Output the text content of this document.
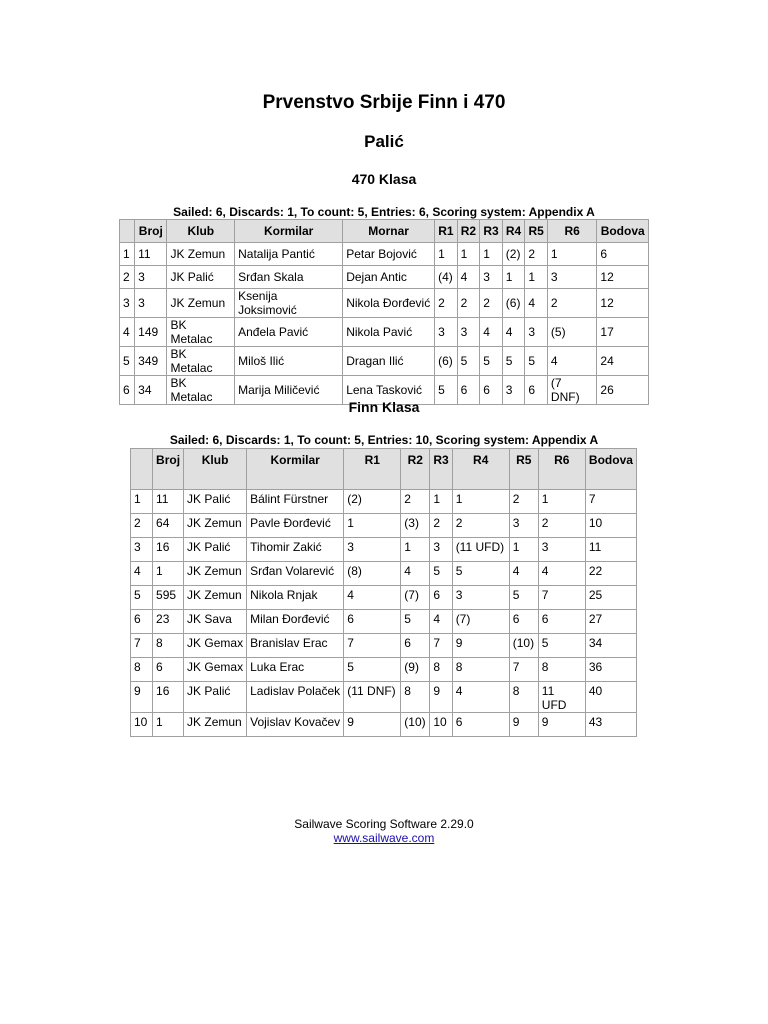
Prvenstvo Srbije Finn i 470
Palić
470 Klasa
Sailed: 6, Discards: 1, To count: 5, Entries: 6, Scoring system: Appendix A
	Broj	Klub	Kormilar	Mornar	R1	R2	R3	R4	R5	R6	Bodova
1	11	JK Zemun	Natalija Pantić	Petar Bojović	1	1	1	(2)	2	1	6
2	3	JK Palić	Srđan Skala	Dejan Antic	(4)	4	3	1	1	3	12
3	3	JK Zemun	Ksenija Joksimović	Nikola Đorđević	2	2	2	(6)	4	2	12
4	149	BK Metalac	Anđela Pavić	Nikola Pavić	3	3	4	4	3	(5)	17
5	349	BK Metalac	Miloš Ilić	Dragan Ilić	(6)	5	5	5	5	4	24
6	34	BK Metalac	Marija Miličević	Lena Tasković	5	6	6	3	6	(7 DNF)	26
Finn Klasa
Sailed: 6, Discards: 1, To count: 5, Entries: 10, Scoring system: Appendix A
	Broj	Klub	Kormilar	R1	R2	R3	R4	R5	R6	Bodova
1	11	JK Palić	Bálint Fürstner	(2)	2	1	1	2	1	7
2	64	JK Zemun	Pavle Đorđević	1	(3)	2	2	3	2	10
3	16	JK Palić	Tihomir Zakić	3	1	3	(11 UFD)	1	3	11
4	1	JK Zemun	Srđan Volarević	(8)	4	5	5	4	4	22
5	595	JK Zemun	Nikola Rnjak	4	(7)	6	3	5	7	25
6	23	JK Sava	Milan Đorđević	6	5	4	(7)	6	6	27
7	8	JK Gemax	Branislav Erac	7	6	7	9	(10)	5	34
8	6	JK Gemax	Luka Erac	5	(9)	8	8	7	8	36
9	16	JK Palić	Ladislav Polaček	(11 DNF)	8	9	4	8	11 UFD	40
10	1	JK Zemun	Vojislav Kovačev	9	(10)	10	6	9	9	43
Sailwave Scoring Software 2.29.0
www.sailwave.com
